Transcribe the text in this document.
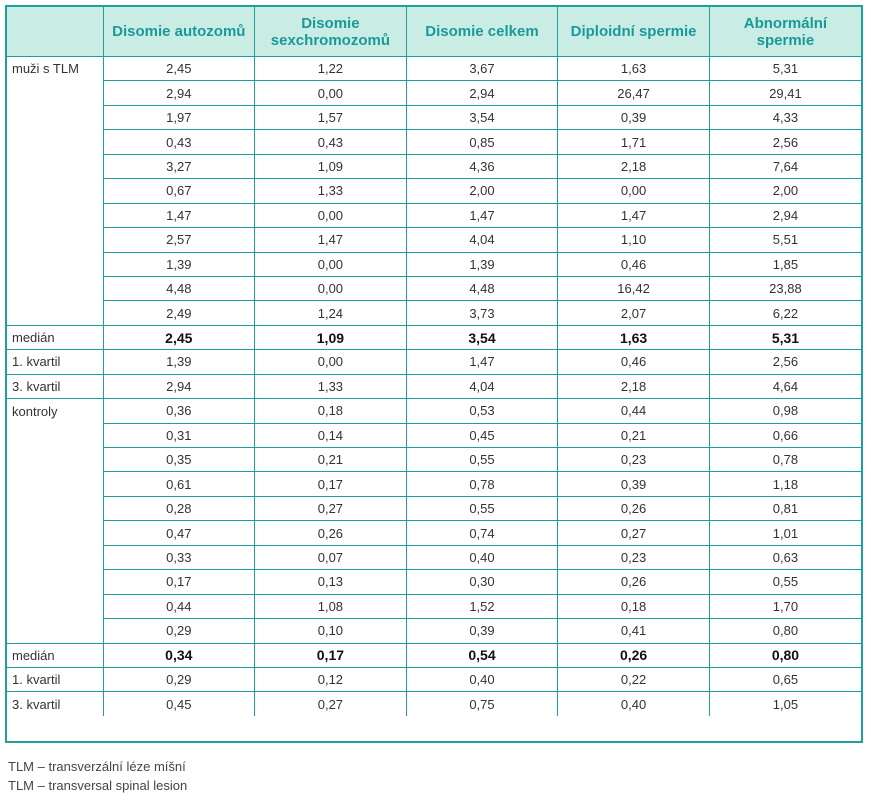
	Disomie autozomů	Disomie sexchromozomů	Disomie celkem	Diploidní spermie	Abnormální spermie
muži s TLM	2,45	1,22	3,67	1,63	5,31
	2,94	0,00	2,94	26,47	29,41
	1,97	1,57	3,54	0,39	4,33
	0,43	0,43	0,85	1,71	2,56
	3,27	1,09	4,36	2,18	7,64
	0,67	1,33	2,00	0,00	2,00
	1,47	0,00	1,47	1,47	2,94
	2,57	1,47	4,04	1,10	5,51
	1,39	0,00	1,39	0,46	1,85
	4,48	0,00	4,48	16,42	23,88
	2,49	1,24	3,73	2,07	6,22
medián	2,45	1,09	3,54	1,63	5,31
1. kvartil	1,39	0,00	1,47	0,46	2,56
3. kvartil	2,94	1,33	4,04	2,18	4,64
kontroly	0,36	0,18	0,53	0,44	0,98
	0,31	0,14	0,45	0,21	0,66
	0,35	0,21	0,55	0,23	0,78
	0,61	0,17	0,78	0,39	1,18
	0,28	0,27	0,55	0,26	0,81
	0,47	0,26	0,74	0,27	1,01
	0,33	0,07	0,40	0,23	0,63
	0,17	0,13	0,30	0,26	0,55
	0,44	1,08	1,52	0,18	1,70
	0,29	0,10	0,39	0,41	0,80
medián	0,34	0,17	0,54	0,26	0,80
1. kvartil	0,29	0,12	0,40	0,22	0,65
3. kvartil	0,45	0,27	0,75	0,40	1,05
TLM – transverzální léze míšní
TLM – transversal spinal lesion
